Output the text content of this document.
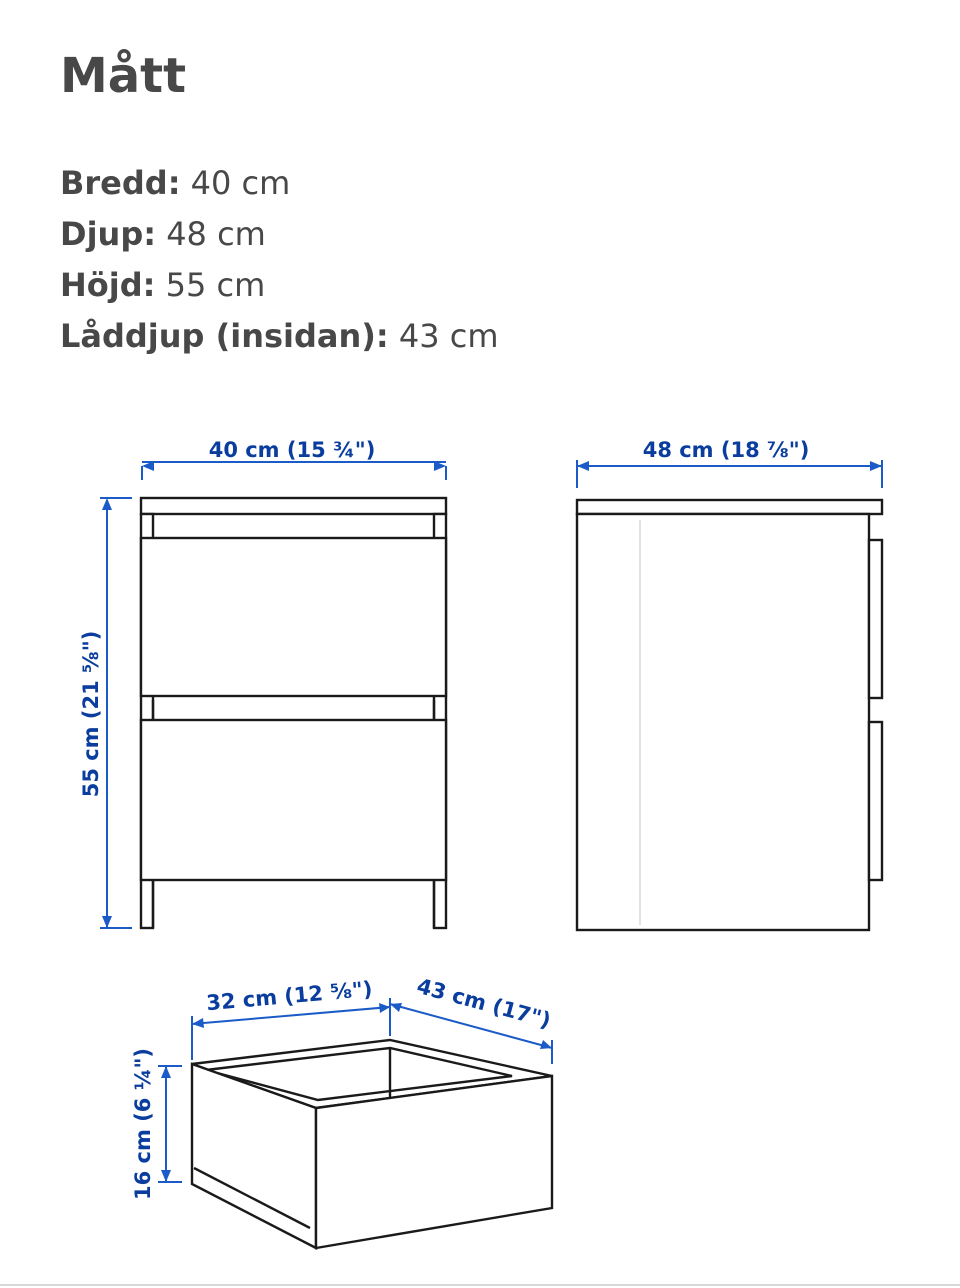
Mått
Bredd: 40 cm
Djup: 48 cm
Höjd: 55 cm
Låddjup (insidan): 43 cm
40 cm (15 ¾")
55 cm (21 ⅝")
48 cm (18 ⅞")
32 cm (12 ⅝") 43 cm (17")
16 cm (6 ¼")
